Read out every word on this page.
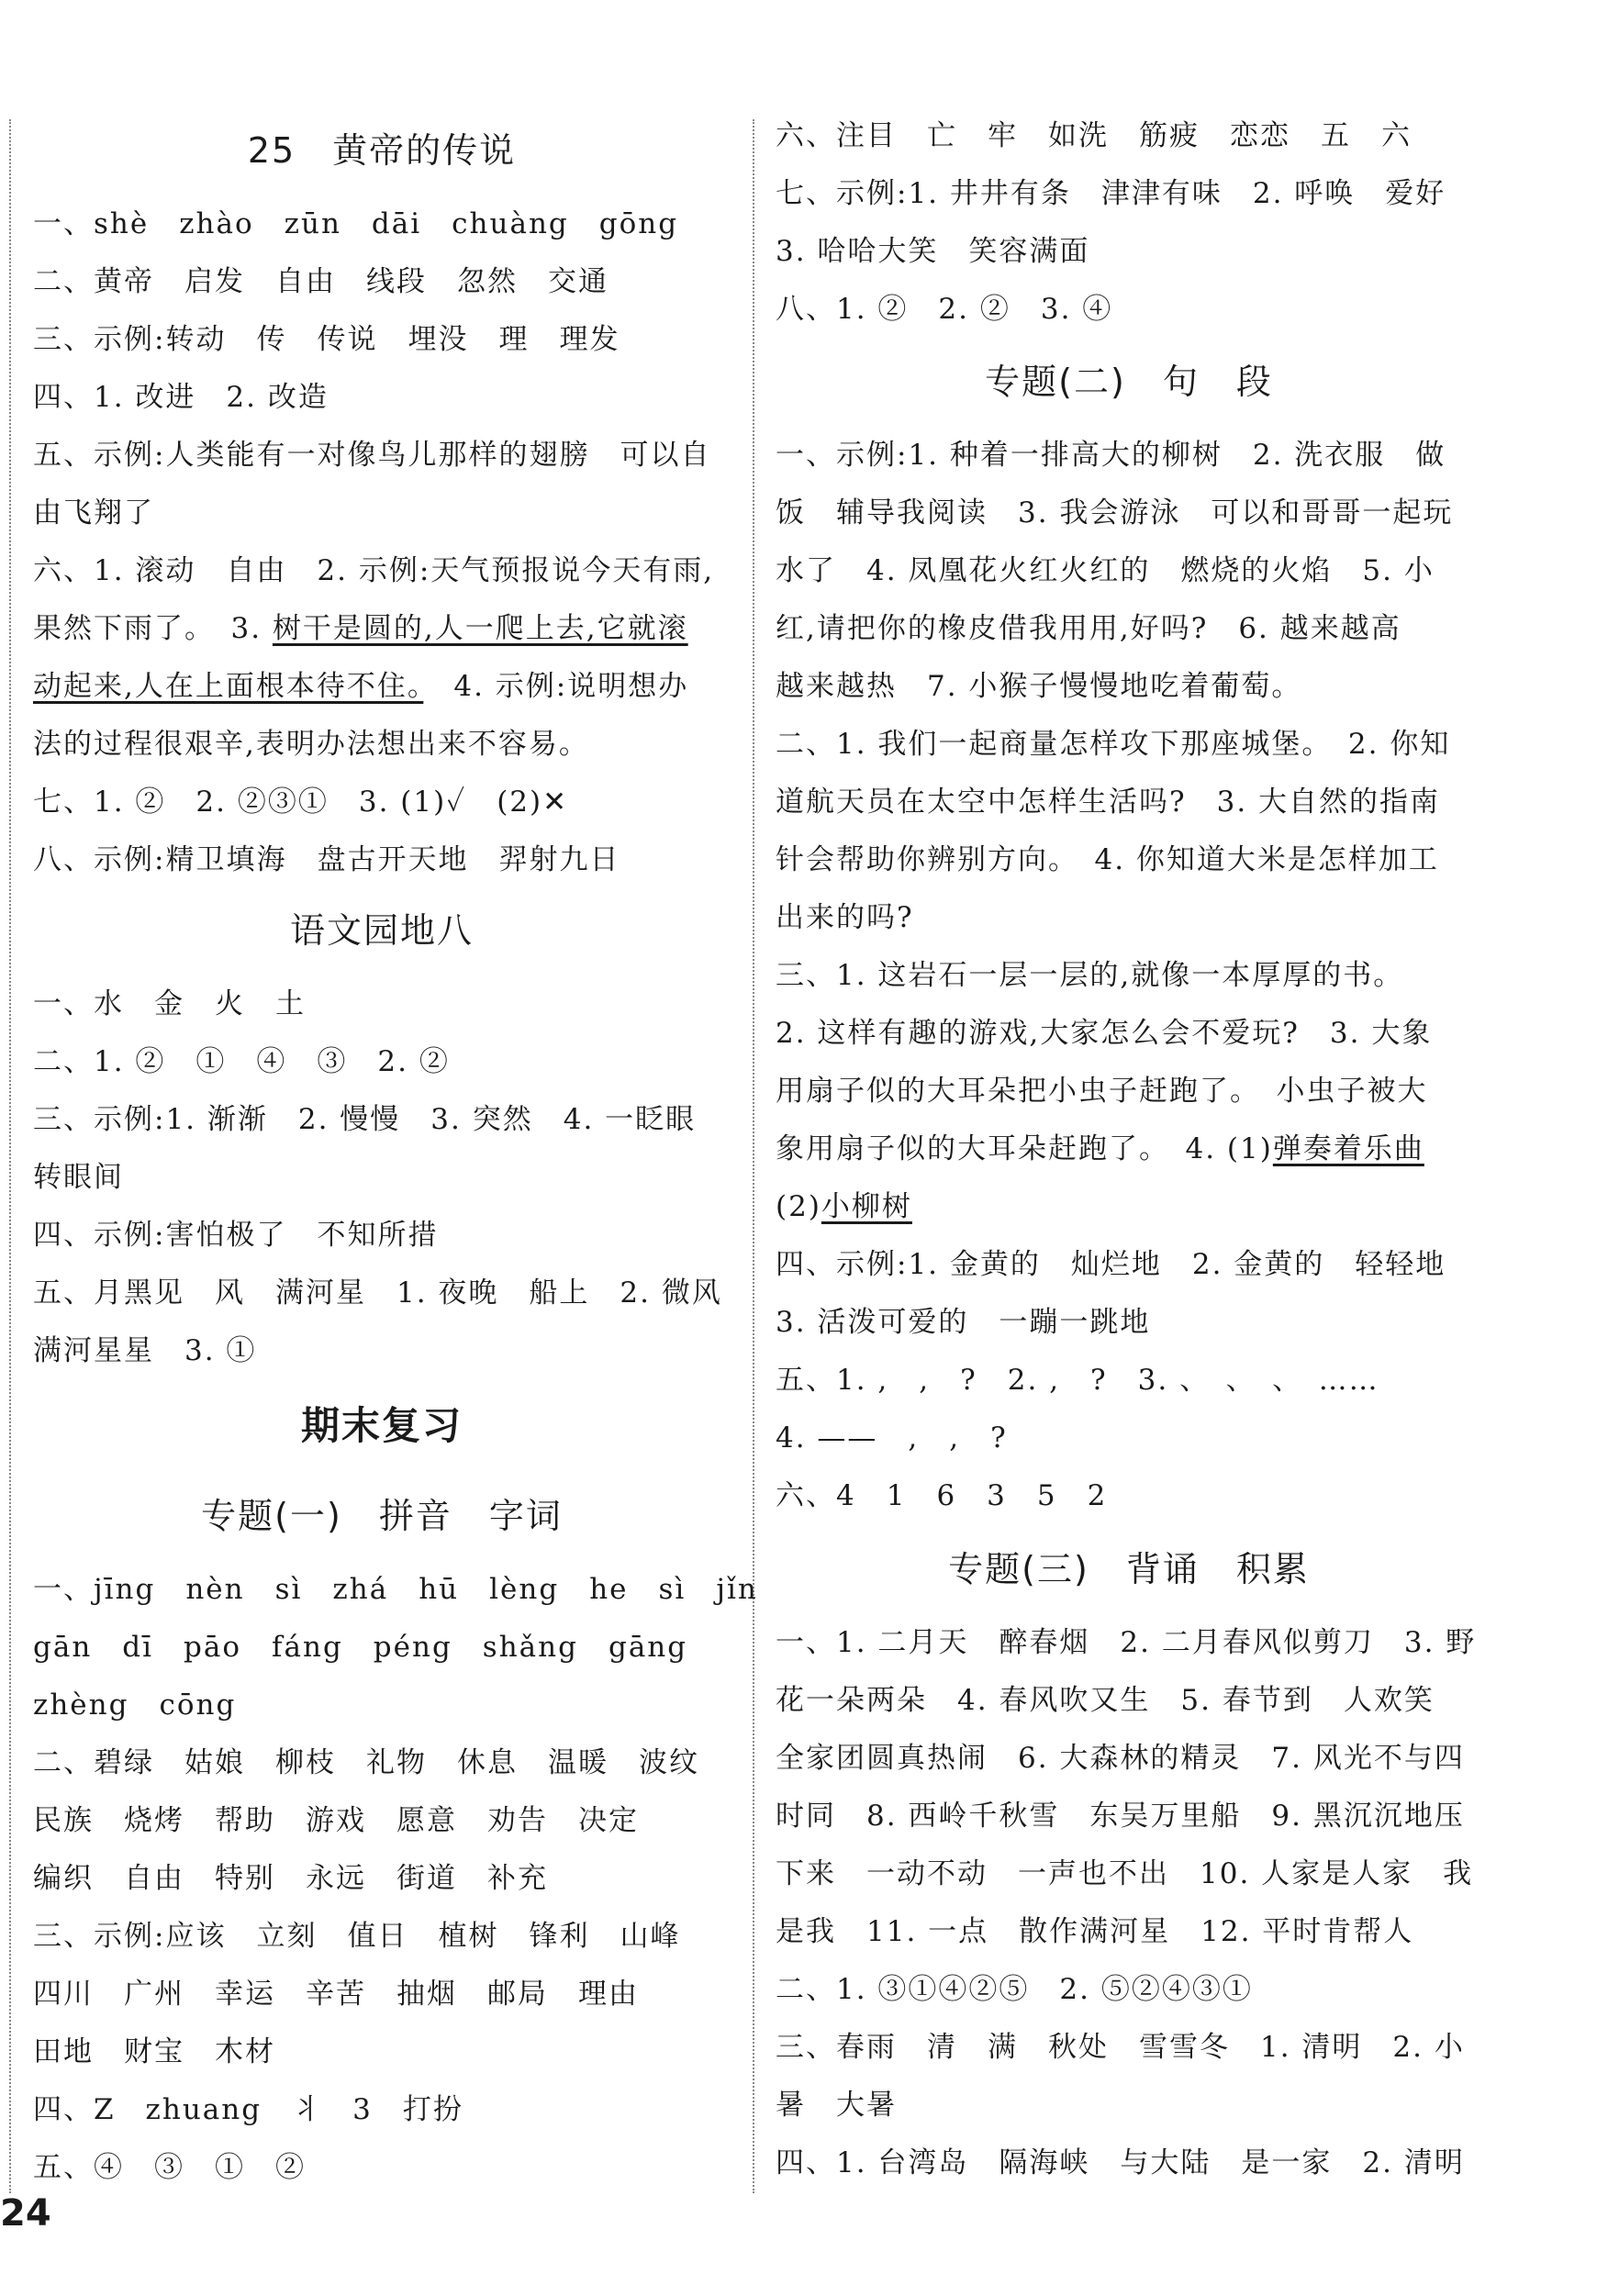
25　黄帝的传说
一、shè　zhào　zūn　dāi　chuàng　gōng
二、黄帝　启发　自由　线段　忽然　交通
三、示例:转动　传　传说　埋没　理　理发
四、1. 改进　2. 改造
五、示例:人类能有一对像鸟儿那样的翅膀　可以自
由飞翔了
六、1. 滚动　自由　2. 示例:天气预报说今天有雨,
果然下雨了。　3. 树干是圆的,人一爬上去,它就滚
动起来,人在上面根本待不住。　4. 示例:说明想办
法的过程很艰辛,表明办法想出来不容易。
七、1. ②　2. ②③①　3. (1)✓　(2)✕
八、示例:精卫填海　盘古开天地　羿射九日
语文园地八
一、水　金　火　土
二、1. ②　①　④　③　2. ②
三、示例:1. 渐渐　2. 慢慢　3. 突然　4. 一眨眼
转眼间
四、示例:害怕极了　不知所措
五、月黑见　风　满河星　1. 夜晚　船上　2. 微风
满河星星　3. ①
期末复习
专题(一)　拼音　字词
一、jīng　nèn　sì　zhá　hū　lèng　he　sì　jǐn
gān　dī　pāo　fáng　péng　shǎng　gāng
zhèng　cōng
二、碧绿　姑娘　柳枝　礼物　休息　温暖　波纹
民族　烧烤　帮助　游戏　愿意　劝告　决定
编织　自由　特别　永远　街道　补充
三、示例:应该　立刻　值日　植树　锋利　山峰
四川　广州　幸运　辛苦　抽烟　邮局　理由
田地　财宝　木材
四、Z　zhuang　丬　3　打扮
五、④　③　①　②
六、注目　亡　牢　如洗　筋疲　恋恋　五　六
七、示例:1. 井井有条　津津有味　2. 呼唤　爱好
3. 哈哈大笑　笑容满面
八、1. ②　2. ②　3. ④
专题(二)　句　段
一、示例:1. 种着一排高大的柳树　2. 洗衣服　做
饭　辅导我阅读　3. 我会游泳　可以和哥哥一起玩
水了　4. 凤凰花火红火红的　燃烧的火焰　5. 小
红,请把你的橡皮借我用用,好吗?　6. 越来越高
越来越热　7. 小猴子慢慢地吃着葡萄。
二、1. 我们一起商量怎样攻下那座城堡。　2. 你知
道航天员在太空中怎样生活吗?　3. 大自然的指南
针会帮助你辨别方向。　4. 你知道大米是怎样加工
出来的吗?
三、1. 这岩石一层一层的,就像一本厚厚的书。
2. 这样有趣的游戏,大家怎么会不爱玩?　3. 大象
用扇子似的大耳朵把小虫子赶跑了。　小虫子被大
象用扇子似的大耳朵赶跑了。　4. (1)弹奏着乐曲
(2)小柳树
四、示例:1. 金黄的　灿烂地　2. 金黄的　轻轻地
3. 活泼可爱的　一蹦一跳地
五、1. ,　,　?　2. ,　?　3. 、　、　、　……
4. ——　,　,　?
六、4　1　6　3　5　2
专题(三)　背诵　积累
一、1. 二月天　醉春烟　2. 二月春风似剪刀　3. 野
花一朵两朵　4. 春风吹又生　5. 春节到　人欢笑
全家团圆真热闹　6. 大森林的精灵　7. 风光不与四
时同　8. 西岭千秋雪　东吴万里船　9. 黑沉沉地压
下来　一动不动　一声也不出　10. 人家是人家　我
是我　11. 一点　散作满河星　12. 平时肯帮人
二、1. ③①④②⑤　2. ⑤②④③①
三、春雨　清　满　秋处　雪雪冬　1. 清明　2. 小
暑　大暑
四、1. 台湾岛　隔海峡　与大陆　是一家　2. 清明
24
